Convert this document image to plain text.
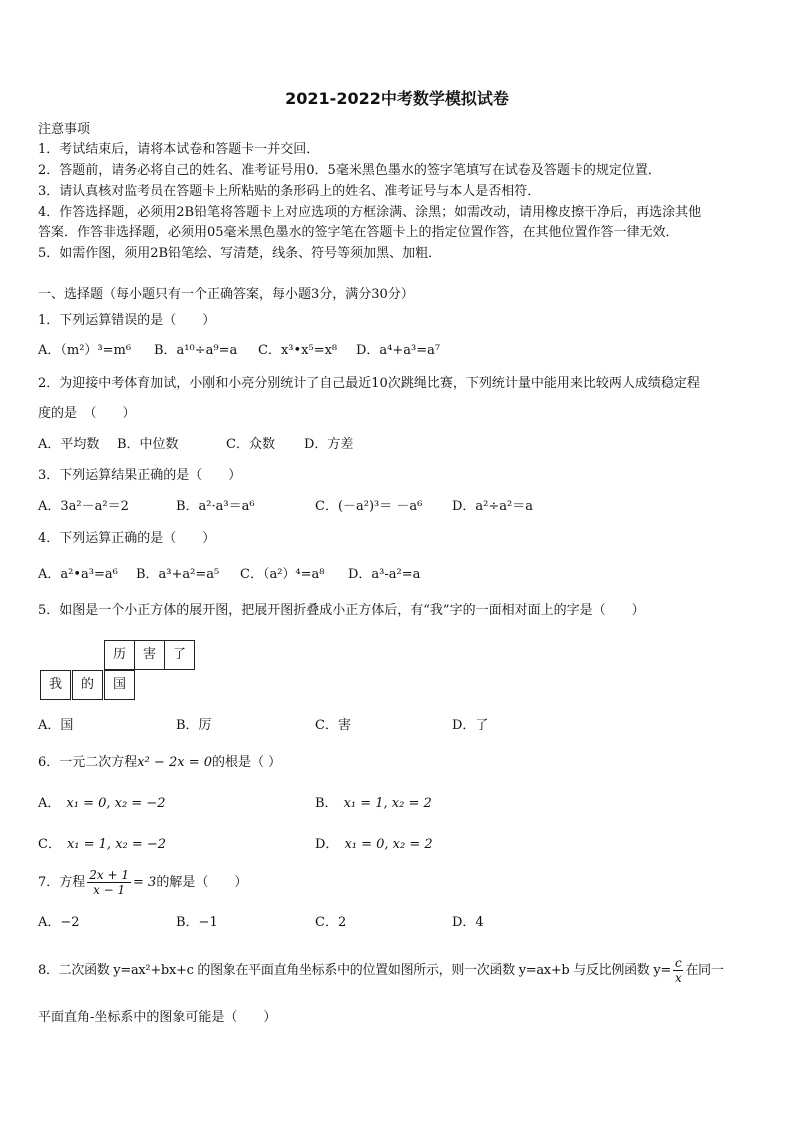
2021-2022中考数学模拟试卷
注意事项
1．考试结束后，请将本试卷和答题卡一并交回．
2．答题前，请务必将自己的姓名、准考证号用0．5毫米黑色墨水的签字笔填写在试卷及答题卡的规定位置．
3．请认真核对监考员在答题卡上所粘贴的条形码上的姓名、准考证号与本人是否相符．
4．作答选择题，必须用2B铅笔将答题卡上对应选项的方框涂满、涂黑；如需改动，请用橡皮擦干净后，再选涂其他
答案．作答非选择题，必须用05毫米黑色墨水的签字笔在答题卡上的指定位置作答，在其他位置作答一律无效．
5．如需作图，须用2B铅笔绘、写清楚，线条、符号等须加黑、加粗．
一、选择题（每小题只有一个正确答案，每小题3分，满分30分）
1．下列运算错误的是（　　）
A．（m²）³=m⁶ B．a¹⁰÷a⁹=a C．x³•x⁵=x⁸ D．a⁴+a³=a⁷
2．为迎接中考体育加试，小刚和小亮分别统计了自己最近10次跳绳比赛，下列统计量中能用来比较两人成绩稳定程
度的是　（　　）
A．平均数 B．中位数	C．众数 D．方差
3．下列运算结果正确的是（　　）
A．3a²－a²＝2	B．a²·a³＝a⁶	C．(－a²)³＝ －a⁶ D．a²÷a²＝a
4．下列运算正确的是（　　）
A．a²•a³=a⁶ B．a³+a²=a⁵ C．（a²）⁴=a⁸ D．a³-a²=a
5．如图是一个小正方体的展开图，把展开图折叠成小正方体后，有“我”字的一面相对面上的字是（　　）
历	害	了
我	的	国
A．国	B．厉	C．害	D．了
6．一元二次方程x² − 2x = 0的根是（ ）
A． x₁ = 0, x₂ = −2	B． x₁ = 1, x₂ = 2
C． x₁ = 1, x₂ = −2	D． x₁ = 0, x₂ = 2
7．方程 $\frac{2x + 1}{x - 1} = 3$的解是（　　）
A．−2	B．−1	C．2	D．4
8．二次函数 y=ax²+bx+c 的图象在平面直角坐标系中的位置如图所示，则一次函数 y=ax+b 与反比例函数 $y= \frac{c}{x}$ 在同一
平面直角-坐标系中的图象可能是（　　）
